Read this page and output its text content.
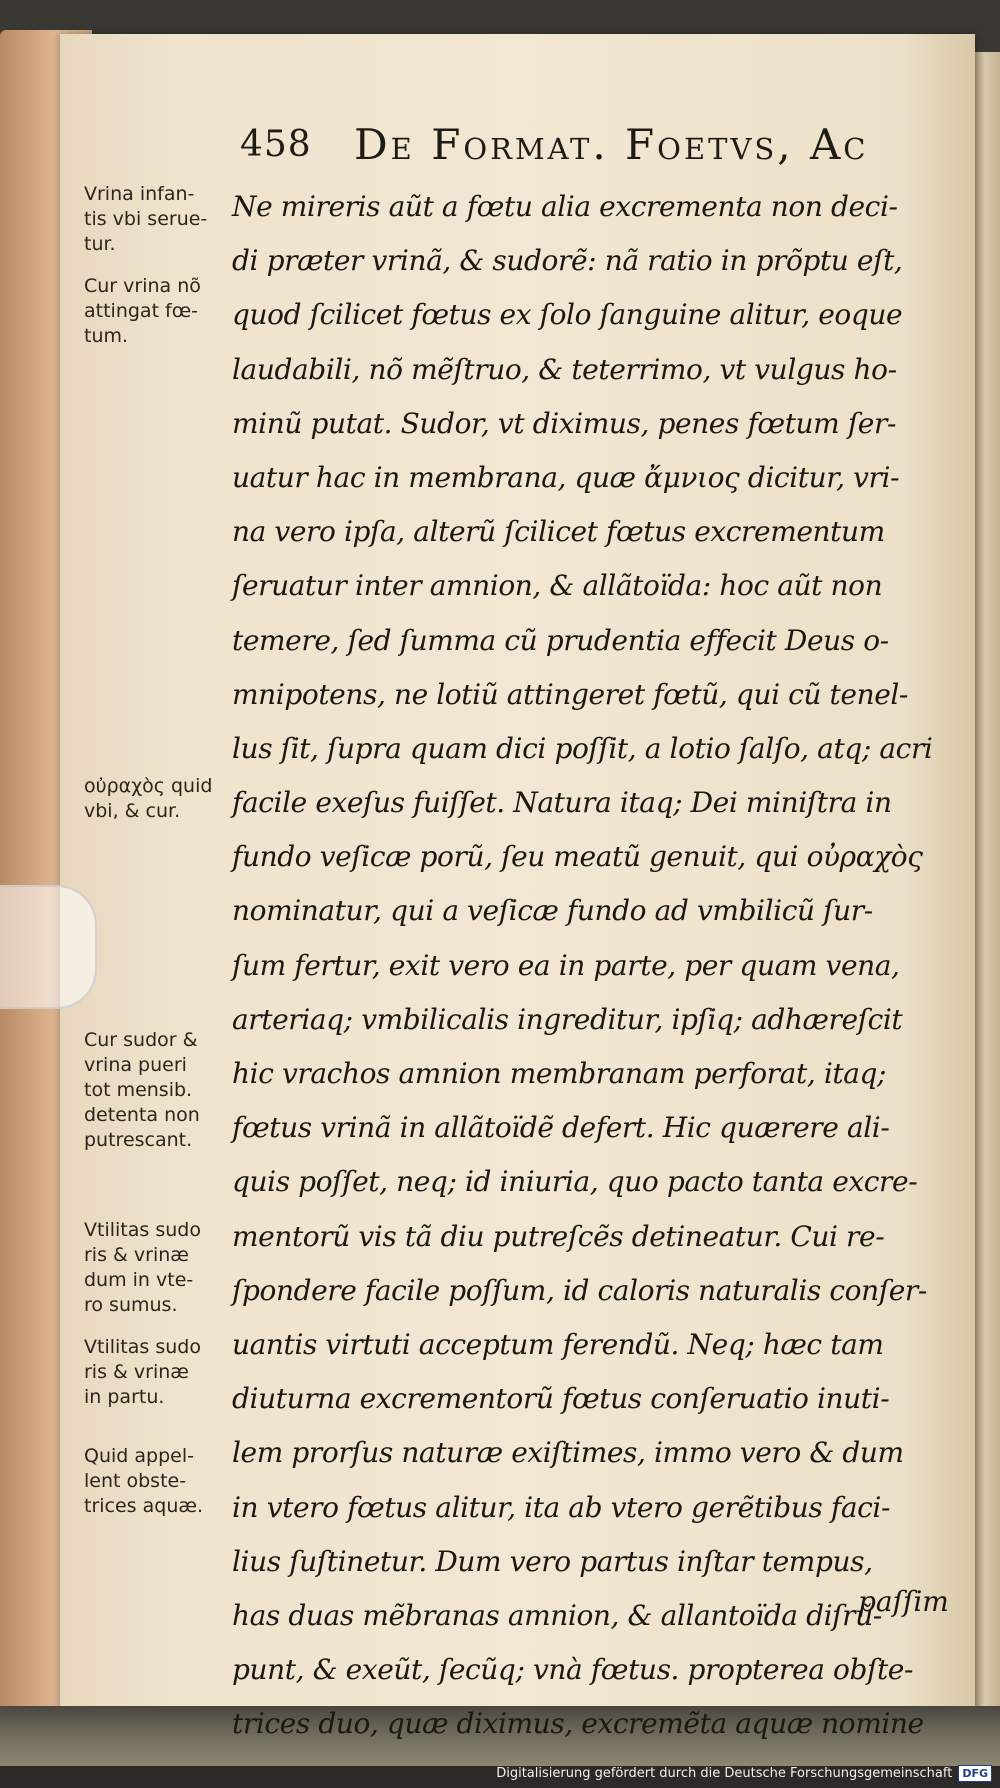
458 De Format. Foetvs, Ac
Vrina infan-
tis vbi serue-
tur.
Cur vrina nõ
attingat fœ-
tum.
οὐραχὸς quid
vbi, & cur.
Cur sudor &
vrina pueri
tot mensib.
detenta non
putrescant.
Vtilitas sudo
ris & vrinæ
dum in vte-
ro sumus.
Vtilitas sudo
ris & vrinæ
in partu.
Quid appel-
lent obste-
trices aquæ.
Ne mireris aũt a fœtu alia excrementa non deci-
di præter vrinã, & sudorẽ: nã ratio in prõptu eſt,
quod ſcilicet fœtus ex ſolo ſanguine alitur, eoque
laudabili, nõ mẽſtruo, & teterrimo, vt vulgus ho-
minũ putat. Sudor, vt diximus, penes fœtum ſer-
uatur hac in membrana, quæ ἄμνιος dicitur, vri-
na vero ipſa, alterũ ſcilicet fœtus excrementum
ſeruatur inter amnion, & allãtoïda: hoc aũt non
temere, ſed ſumma cũ prudentia effecit Deus o-
mnipotens, ne lotiũ attingeret fœtũ, qui cũ tenel-
lus ſit, ſupra quam dici poſſit, a lotio ſalſo, atq; acri
facile exeſus fuiſſet. Natura itaq; Dei miniſtra in
fundo veſicæ porũ, ſeu meatũ genuit, qui οὐραχὸς
nominatur, qui a veſicæ fundo ad vmbilicũ ſur-
ſum fertur, exit vero ea in parte, per quam vena,
arteriaq; vmbilicalis ingreditur, ipſiq; adhæreſcit
hic vrachos amnion membranam perforat, itaq;
fœtus vrinã in allãtoïdẽ defert. Hic quærere ali-
quis poſſet, neq; id iniuria, quo pacto tanta excre-
mentorũ vis tã diu putreſcẽs detineatur. Cui re-
ſpondere facile poſſum, id caloris naturalis conſer-
uantis virtuti acceptum ferendũ. Neq; hæc tam
diuturna excrementorũ fœtus conſeruatio inuti-
lem prorſus naturæ exiſtimes, immo vero & dum
in vtero fœtus alitur, ita ab vtero gerẽtibus faci-
lius ſuſtinetur. Dum vero partus inſtar tempus,
has duas mẽbranas amnion, & allantoïda diſrũ-
punt, & exeũt, ſecũq; vnà fœtus. propterea obſte-
trices duo, quæ diximus, excremẽta aquæ nomine
paſſim
Digitalisierung gefördert durch die Deutsche Forschungsgemeinschaft DFG
